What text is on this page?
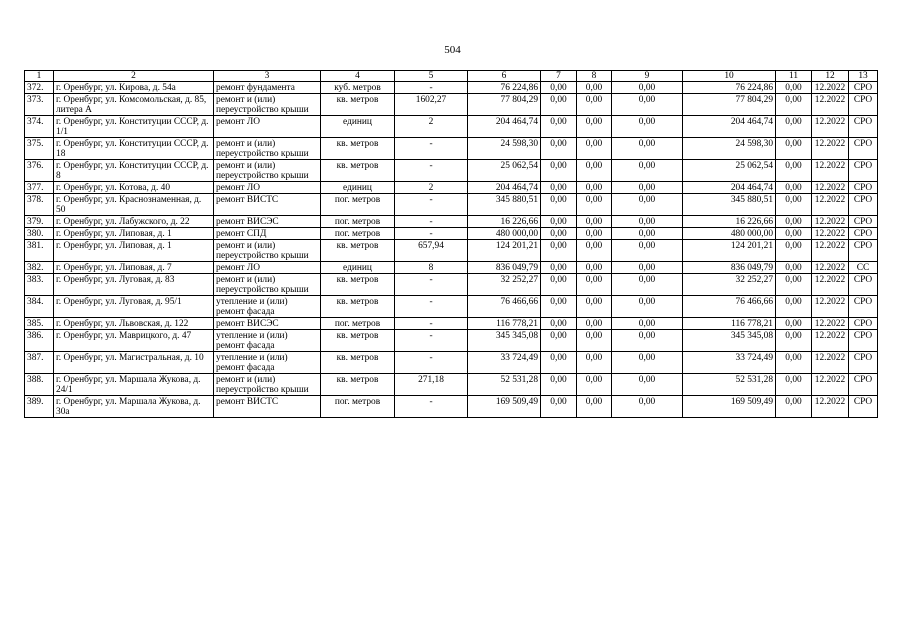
504
1	2	3	4	5	6	7	8	9	10	11	12	13
372.	г. Оренбург, ул. Кирова, д. 54а	ремонт фундамента	куб. метров	-	76 224,86	0,00	0,00	0,00	76 224,86	0,00	12.2022	СРО
373.	г. Оренбург, ул. Комсомольская, д. 85, литера А	ремонт и (или) переустройство крыши	кв. метров	1602,27	77 804,29	0,00	0,00	0,00	77 804,29	0,00	12.2022	СРО
374.	г. Оренбург, ул. Конституции СССР, д. 1/1	ремонт ЛО	единиц	2	204 464,74	0,00	0,00	0,00	204 464,74	0,00	12.2022	СРО
375.	г. Оренбург, ул. Конституции СССР, д. 18	ремонт и (или) переустройство крыши	кв. метров	-	24 598,30	0,00	0,00	0,00	24 598,30	0,00	12.2022	СРО
376.	г. Оренбург, ул. Конституции СССР, д. 8	ремонт и (или) переустройство крыши	кв. метров	-	25 062,54	0,00	0,00	0,00	25 062,54	0,00	12.2022	СРО
377.	г. Оренбург, ул. Котова, д. 40	ремонт ЛО	единиц	2	204 464,74	0,00	0,00	0,00	204 464,74	0,00	12.2022	СРО
378.	г. Оренбург, ул. Краснознаменная, д. 50	ремонт ВИСТС	пог. метров	-	345 880,51	0,00	0,00	0,00	345 880,51	0,00	12.2022	СРО
379.	г. Оренбург, ул. Лабужского, д. 22	ремонт ВИСЭС	пог. метров	-	16 226,66	0,00	0,00	0,00	16 226,66	0,00	12.2022	СРО
380.	г. Оренбург, ул. Липовая, д. 1	ремонт СПД	пог. метров	-	480 000,00	0,00	0,00	0,00	480 000,00	0,00	12.2022	СРО
381.	г. Оренбург, ул. Липовая, д. 1	ремонт и (или) переустройство крыши	кв. метров	657,94	124 201,21	0,00	0,00	0,00	124 201,21	0,00	12.2022	СРО
382.	г. Оренбург, ул. Липовая, д. 7	ремонт ЛО	единиц	8	836 049,79	0,00	0,00	0,00	836 049,79	0,00	12.2022	СС
383.	г. Оренбург, ул. Луговая, д. 83	ремонт и (или) переустройство крыши	кв. метров	-	32 252,27	0,00	0,00	0,00	32 252,27	0,00	12.2022	СРО
384.	г. Оренбург, ул. Луговая, д. 95/1	утепление и (или) ремонт фасада	кв. метров	-	76 466,66	0,00	0,00	0,00	76 466,66	0,00	12.2022	СРО
385.	г. Оренбург, ул. Львовская, д. 122	ремонт ВИСЭС	пог. метров	-	116 778,21	0,00	0,00	0,00	116 778,21	0,00	12.2022	СРО
386.	г. Оренбург, ул. Маврицкого, д. 47	утепление и (или) ремонт фасада	кв. метров	-	345 345,08	0,00	0,00	0,00	345 345,08	0,00	12.2022	СРО
387.	г. Оренбург, ул. Магистральная, д. 10	утепление и (или) ремонт фасада	кв. метров	-	33 724,49	0,00	0,00	0,00	33 724,49	0,00	12.2022	СРО
388.	г. Оренбург, ул. Маршала Жукова, д. 24/1	ремонт и (или) переустройство крыши	кв. метров	271,18	52 531,28	0,00	0,00	0,00	52 531,28	0,00	12.2022	СРО
389.	г. Оренбург, ул. Маршала Жукова, д. 30а	ремонт ВИСТС	пог. метров	-	169 509,49	0,00	0,00	0,00	169 509,49	0,00	12.2022	СРО
